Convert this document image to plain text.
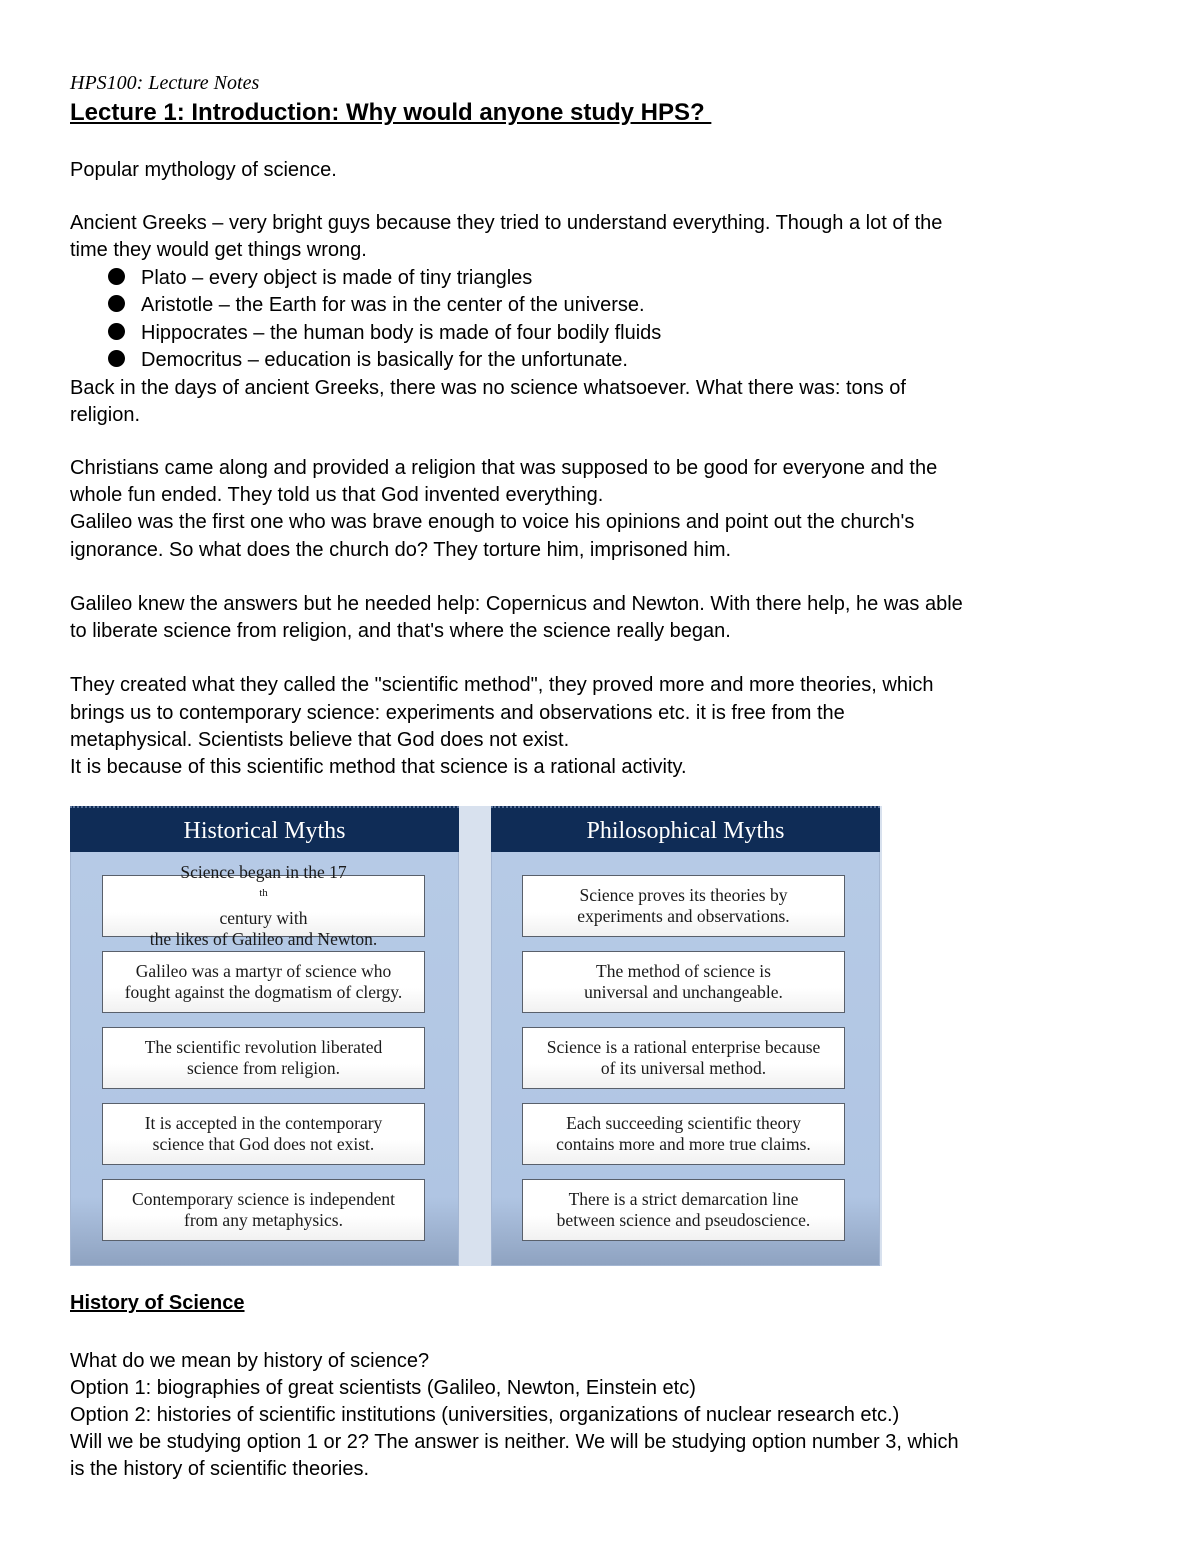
HPS100: Lecture Notes
Lecture 1: Introduction: Why would anyone study HPS?
Popular mythology of science.
Ancient Greeks – very bright guys because they tried to understand everything. Though a lot of the
time they would get things wrong.
Plato – every object is made of tiny triangles
Aristotle – the Earth for was in the center of the universe.
Hippocrates – the human body is made of four bodily fluids
Democritus – education is basically for the unfortunate.
Back in the days of ancient Greeks, there was no science whatsoever. What there was: tons of
religion.
Christians came along and provided a religion that was supposed to be good for everyone and the
whole fun ended. They told us that God invented everything.
Galileo was the first one who was brave enough to voice his opinions and point out the church's
ignorance. So what does the church do? They torture him, imprisoned him.
Galileo knew the answers but he needed help: Copernicus and Newton. With there help, he was able
to liberate science from religion, and that's where the science really began.
They created what they called the "scientific method", they proved more and more theories, which
brings us to contemporary science: experiments and observations etc. it is free from the
metaphysical. Scientists believe that God does not exist.
It is because of this scientific method that science is a rational activity.
Historical Myths
Science began in the 17
$^{th}$
century with
the likes of Galileo and Newton.
Galileo was a martyr of science who
fought against the dogmatism of clergy.
The scientific revolution liberated
science from religion.
It is accepted in the contemporary
science that God does not exist.
Contemporary science is independent
from any metaphysics.
Philosophical Myths
Science proves its theories by
experiments and observations.
The method of science is
universal and unchangeable.
Science is a rational enterprise because
of its universal method.
Each succeeding scientific theory
contains more and more true claims.
There is a strict demarcation line
between science and pseudoscience.
History of Science
What do we mean by history of science?
Option 1: biographies of great scientists (Galileo, Newton, Einstein etc)
Option 2: histories of scientific institutions (universities, organizations of nuclear research etc.)
Will we be studying option 1 or 2? The answer is neither. We will be studying option number 3, which
is the history of scientific theories.
